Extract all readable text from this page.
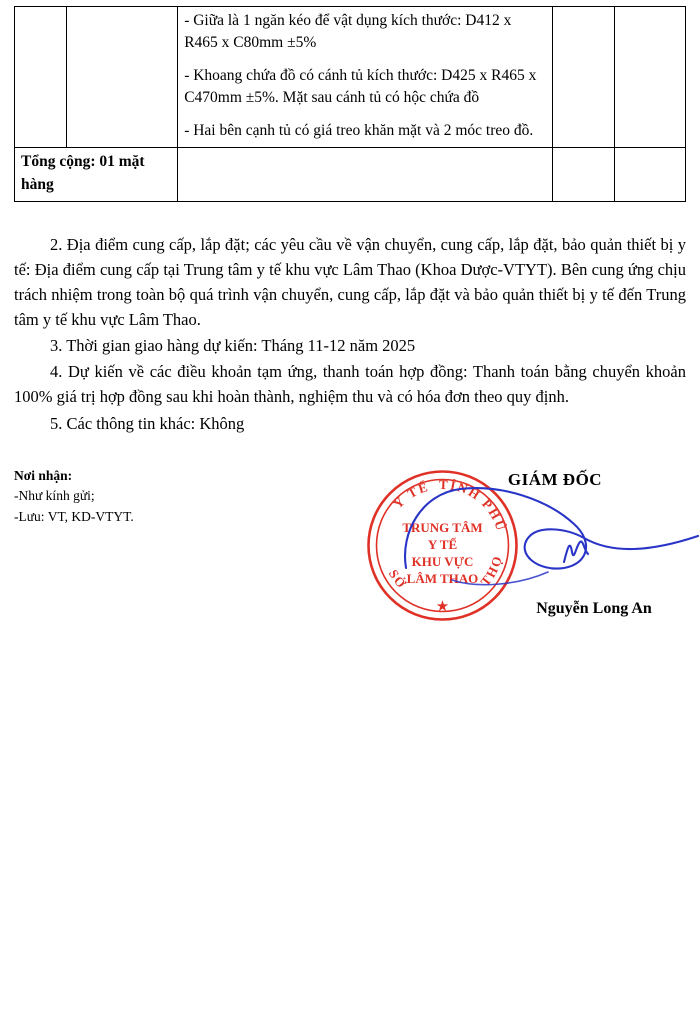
		- Giữa là 1 ngăn kéo để vật dụng kích thước: D412 x R465 x C80mm ±5%

- Khoang chứa đồ có cánh tủ kích thước: D425 x R465 x C470mm ±5%. Mặt sau cánh tủ có hộc chứa đồ

- Hai bên cạnh tủ có giá treo khăn mặt và 2 móc treo đồ.		

Tổng cộng: 01 mặt hàng				

2. Địa điểm cung cấp, lắp đặt; các yêu cầu về vận chuyển, cung cấp, lắp đặt, bảo quản thiết bị y tế: Địa điểm cung cấp tại Trung tâm y tế khu vực Lâm Thao (Khoa Dược-VTYT). Bên cung ứng chịu trách nhiệm trong toàn bộ quá trình vận chuyển, cung cấp, lắp đặt và bảo quản thiết bị y tế đến Trung tâm y tế khu vực Lâm Thao.

3. Thời gian giao hàng dự kiến: Tháng 11-12 năm 2025

4. Dự kiến về các điều khoản tạm ứng, thanh toán hợp đồng: Thanh toán bằng chuyển khoản 100% giá trị hợp đồng sau khi hoàn thành, nghiệm thu và có hóa đơn theo quy định.

5. Các thông tin khác: Không

Nơi nhận:
-Như kính gửi;
-Lưu: VT, KD-VTYT.
Y TẾ TỈNH
PHÚ
SỞ	THỌ
TRUNG TÂM
Y TẾ
KHU VỰC
LÂM THAO
★
GIÁM ĐỐC
Nguyễn Long An
